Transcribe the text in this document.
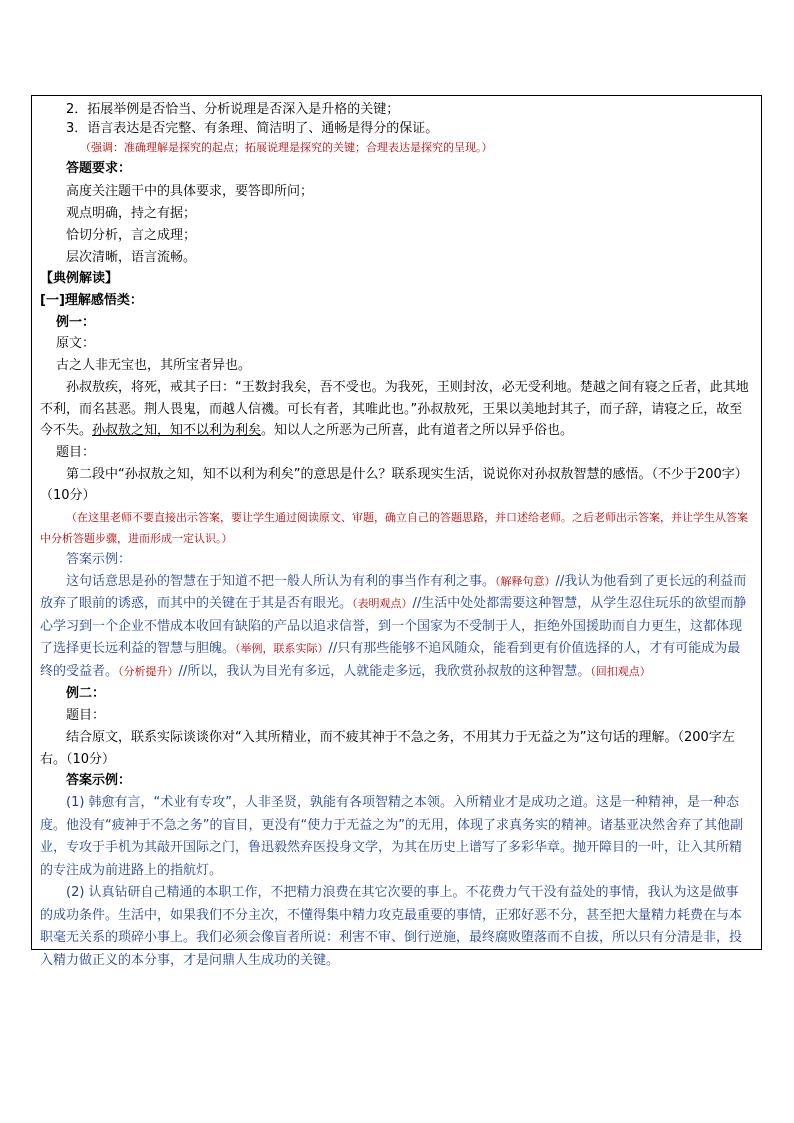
2．拓展举例是否恰当、分析说理是否深入是升格的关键；
3．语言表达是否完整、有条理、简洁明了、通畅是得分的保证。
（强调：准确理解是探究的起点；拓展说理是探究的关键；合理表达是探究的呈现。）
答题要求：
高度关注题干中的具体要求，要答即所问；
观点明确，持之有据；
恰切分析，言之成理；
层次清晰，语言流畅。
【典例解读】
[一]理解感悟类：
例一：
原文：
古之人非无宝也，其所宝者异也。
孙叔敖疾，将死，戒其子曰：“王数封我矣，吾不受也。为我死，王则封汝，必无受利地。楚越之间有寝之丘者，此其地不利，而名甚恶。荆人畏鬼，而越人信禨。可长有者，其唯此也。”孙叔敖死，王果以美地封其子，而子辞，请寝之丘，故至今不失。孙叔敖之知，知不以利为利矣。知以人之所恶为己所喜，此有道者之所以异乎俗也。
题目：
第二段中“孙叔敖之知，知不以利为利矣”的意思是什么？联系现实生活，说说你对孙叔敖智慧的感悟。（不少于200字）（10分）
（在这里老师不要直接出示答案，要让学生通过阅读原文、审题，确立自己的答题思路，并口述给老师。之后老师出示答案，并让学生从答案中分析答题步骤，进而形成一定认识。）
答案示例：
这句话意思是孙的智慧在于知道不把一般人所认为有利的事当作有利之事。（解释句意）//我认为他看到了更长远的利益而放弃了眼前的诱惑，而其中的关键在于其是否有眼光。（表明观点）//生活中处处都需要这种智慧，从学生忍住玩乐的欲望而静心学习到一个企业不惜成本收回有缺陷的产品以追求信誉，到一个国家为不受制于人，拒绝外国援助而自力更生，这都体现了选择更长远利益的智慧与胆魄。（举例，联系实际）//只有那些能够不追风随众，能看到更有价值选择的人，才有可能成为最终的受益者。（分析提升）//所以，我认为目光有多远，人就能走多远，我欣赏孙叔敖的这种智慧。（回扣观点）
例二：
题目：
结合原文，联系实际谈谈你对“入其所精业，而不疲其神于不急之务，不用其力于无益之为”这句话的理解。（200字左右。（10分）
答案示例：
(1) 韩愈有言，“术业有专攻”，人非圣贤，孰能有各项智精之本领。入所精业才是成功之道。这是一种精神，是一种态度。他没有“疲神于不急之务”的盲目，更没有“使力于无益之为”的无用，体现了求真务实的精神。诸基亚决然舍弃了其他副业，专攻于手机为其敲开国际之门，鲁迅毅然弃医投身文学，为其在历史上谱写了多彩华章。抛开障目的一叶，让入其所精的专注成为前进路上的指航灯。
(2) 认真钻研自己精通的本职工作，不把精力浪费在其它次要的事上。不花费力气干没有益处的事情，我认为这是做事的成功条件。生活中，如果我们不分主次，不懂得集中精力攻克最重要的事情，正邪好恶不分，甚至把大量精力耗费在与本职毫无关系的琐碎小事上。我们必须会像盲者所说：利害不审、倒行逆施，最终腐败堕落而不自拔，所以只有分清是非，投入精力做正义的本分事，才是问鼎人生成功的关键。
